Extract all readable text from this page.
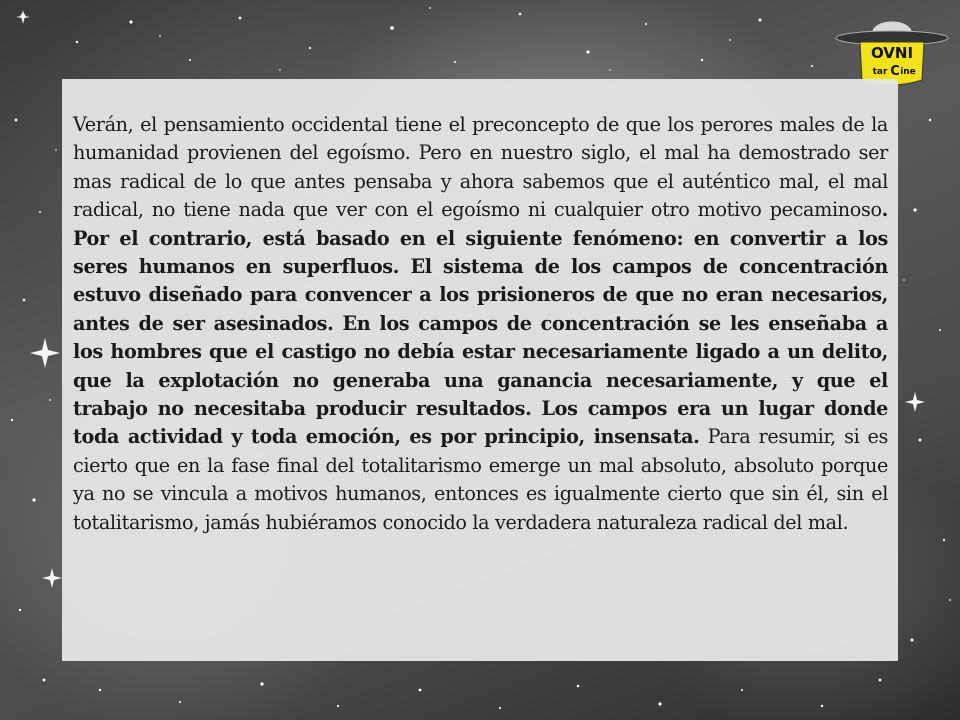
OVNI
tar C ine

Verán, el pensamiento occidental tiene el preconcepto de que los perores males de la humanidad provienen del egoísmo. Pero en nuestro siglo, el mal ha demostrado ser mas radical de lo que antes pensaba y ahora sabemos que el auténtico mal, el mal radical, no tiene nada que ver con el egoísmo ni cualquier otro motivo pecaminoso. Por el contrario, está basado en el siguiente fenómeno: en convertir a los seres humanos en superfluos. El sistema de los campos de concentración estuvo diseñado para convencer a los prisioneros de que no eran necesarios, antes de ser asesinados. En los campos de concentración se les enseñaba a los hombres que el castigo no debía estar necesariamente ligado a un delito, que la explotación no generaba una ganancia necesariamente, y que el trabajo no necesitaba producir resultados. Los campos era un lugar donde toda actividad y toda emoción, es por principio, insensata. Para resumir, si es cierto que en la fase final del totalitarismo emerge un mal absoluto, absoluto porque ya no se vincula a motivos humanos, entonces es igualmente cierto que sin él, sin el totalitarismo, jamás hubiéramos conocido la verdadera naturaleza radical del mal.
